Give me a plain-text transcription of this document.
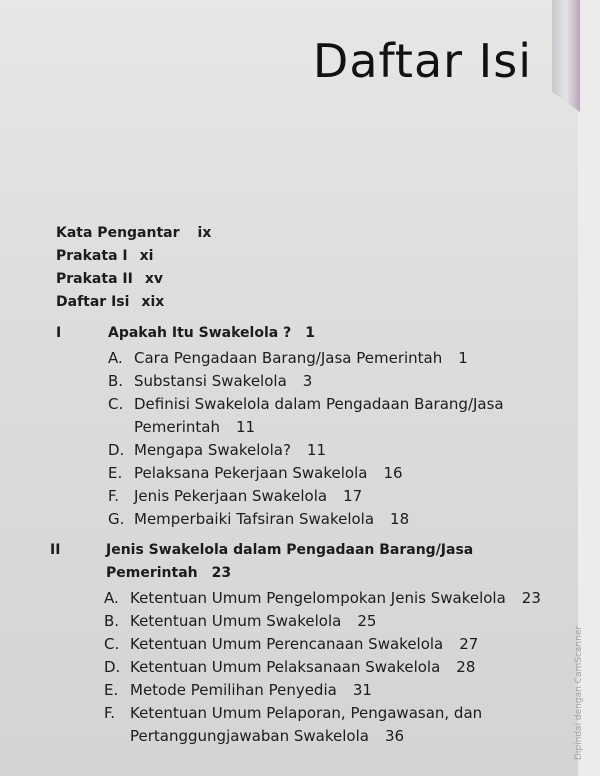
Daftar Isi
Kata Pengantar ix
Prakata I xi
Prakata II xv
Daftar Isi xix
I	Apakah Itu Swakelola ? 1
A. Cara Pengadaan Barang/Jasa Pemerintah 1
B. Substansi Swakelola 3
C. Definisi Swakelola dalam Pengadaan Barang/Jasa
Pemerintah 11
D. Mengapa Swakelola? 11
E. Pelaksana Pekerjaan Swakelola 16
F. Jenis Pekerjaan Swakelola 17
G. Memperbaiki Tafsiran Swakelola 18
II	Jenis Swakelola dalam Pengadaan Barang/Jasa
Pemerintah 23
A. Ketentuan Umum Pengelompokan Jenis Swakelola 23
B. Ketentuan Umum Swakelola 25
C. Ketentuan Umum Perencanaan Swakelola 27
D. Ketentuan Umum Pelaksanaan Swakelola 28
E. Metode Pemilihan Penyedia 31
F. Ketentuan Umum Pelaporan, Pengawasan, dan
Pertanggungjawaban Swakelola 36	Dipindai dengan CamScanner
